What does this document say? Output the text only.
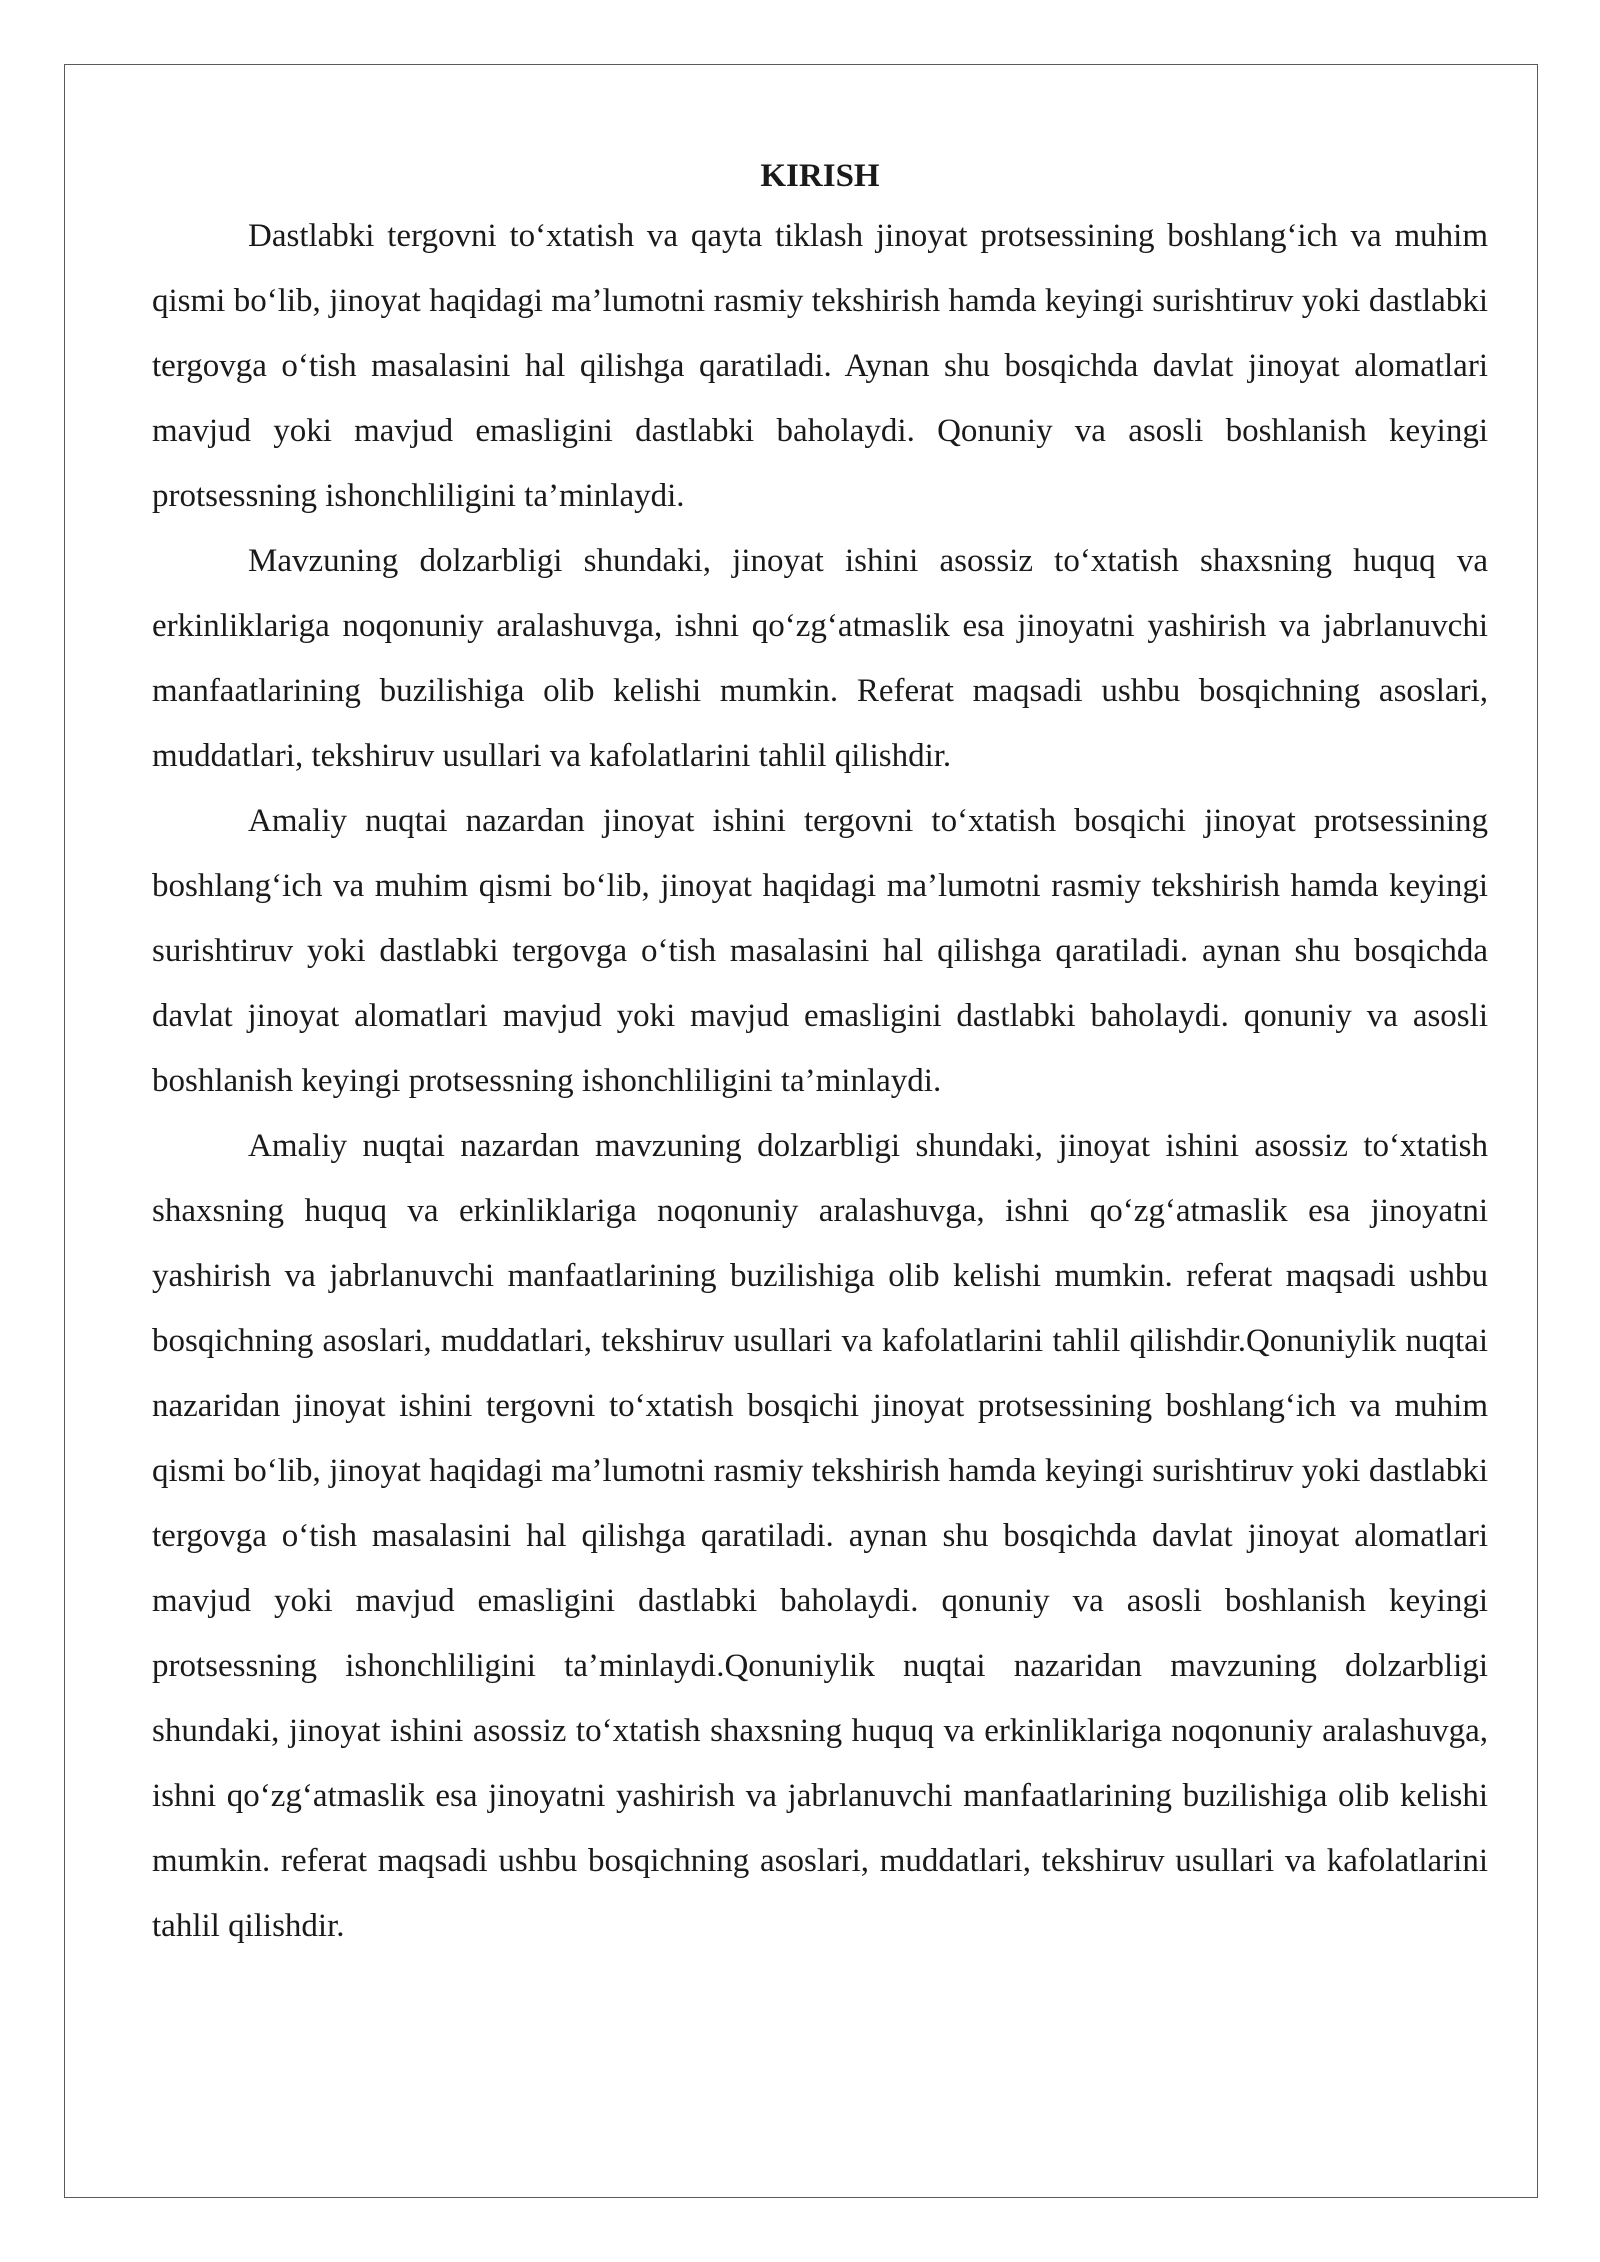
KIRISH

Dastlabki tergovni to‘xtatish va qayta tiklash jinoyat protsessining boshlang‘ich va muhim qismi bo‘lib, jinoyat haqidagi ma’lumotni rasmiy tekshirish hamda keyingi surishtiruv yoki dastlabki tergovga o‘tish masalasini hal qilishga qaratiladi. Aynan shu bosqichda davlat jinoyat alomatlari mavjud yoki mavjud emasligini dastlabki baholaydi. Qonuniy va asosli boshlanish keyingi protsessning ishonchliligini ta’minlaydi.

Mavzuning dolzarbligi shundaki, jinoyat ishini asossiz to‘xtatish shaxsning huquq va erkinliklariga noqonuniy aralashuvga, ishni qo‘zg‘atmaslik esa jinoyatni yashirish va jabrlanuvchi manfaatlarining buzilishiga olib kelishi mumkin. Referat maqsadi ushbu bosqichning asoslari, muddatlari, tekshiruv usullari va kafolatlarini tahlil qilishdir.

Amaliy nuqtai nazardan jinoyat ishini tergovni to‘xtatish bosqichi jinoyat protsessining boshlang‘ich va muhim qismi bo‘lib, jinoyat haqidagi ma’lumotni rasmiy tekshirish hamda keyingi surishtiruv yoki dastlabki tergovga o‘tish masalasini hal qilishga qaratiladi. aynan shu bosqichda davlat jinoyat alomatlari mavjud yoki mavjud emasligini dastlabki baholaydi. qonuniy va asosli boshlanish keyingi protsessning ishonchliligini ta’minlaydi.

Amaliy nuqtai nazardan mavzuning dolzarbligi shundaki, jinoyat ishini asossiz to‘xtatish shaxsning huquq va erkinliklariga noqonuniy aralashuvga, ishni qo‘zg‘atmaslik esa jinoyatni yashirish va jabrlanuvchi manfaatlarining buzilishiga olib kelishi mumkin. referat maqsadi ushbu bosqichning asoslari, muddatlari, tekshiruv usullari va kafolatlarini tahlil qilishdir.Qonuniylik nuqtai nazaridan jinoyat ishini tergovni to‘xtatish bosqichi jinoyat protsessining boshlang‘ich va muhim qismi bo‘lib, jinoyat haqidagi ma’lumotni rasmiy tekshirish hamda keyingi surishtiruv yoki dastlabki tergovga o‘tish masalasini hal qilishga qaratiladi. aynan shu bosqichda davlat jinoyat alomatlari mavjud yoki mavjud emasligini dastlabki baholaydi. qonuniy va asosli boshlanish keyingi protsessning ishonchliligini ta’minlaydi.Qonuniylik nuqtai nazaridan mavzuning dolzarbligi shundaki, jinoyat ishini asossiz to‘xtatish shaxsning huquq va erkinliklariga noqonuniy aralashuvga, ishni qo‘zg‘atmaslik esa jinoyatni yashirish va jabrlanuvchi manfaatlarining buzilishiga olib kelishi mumkin. referat maqsadi ushbu bosqichning asoslari, muddatlari, tekshiruv usullari va kafolatlarini tahlil qilishdir.
